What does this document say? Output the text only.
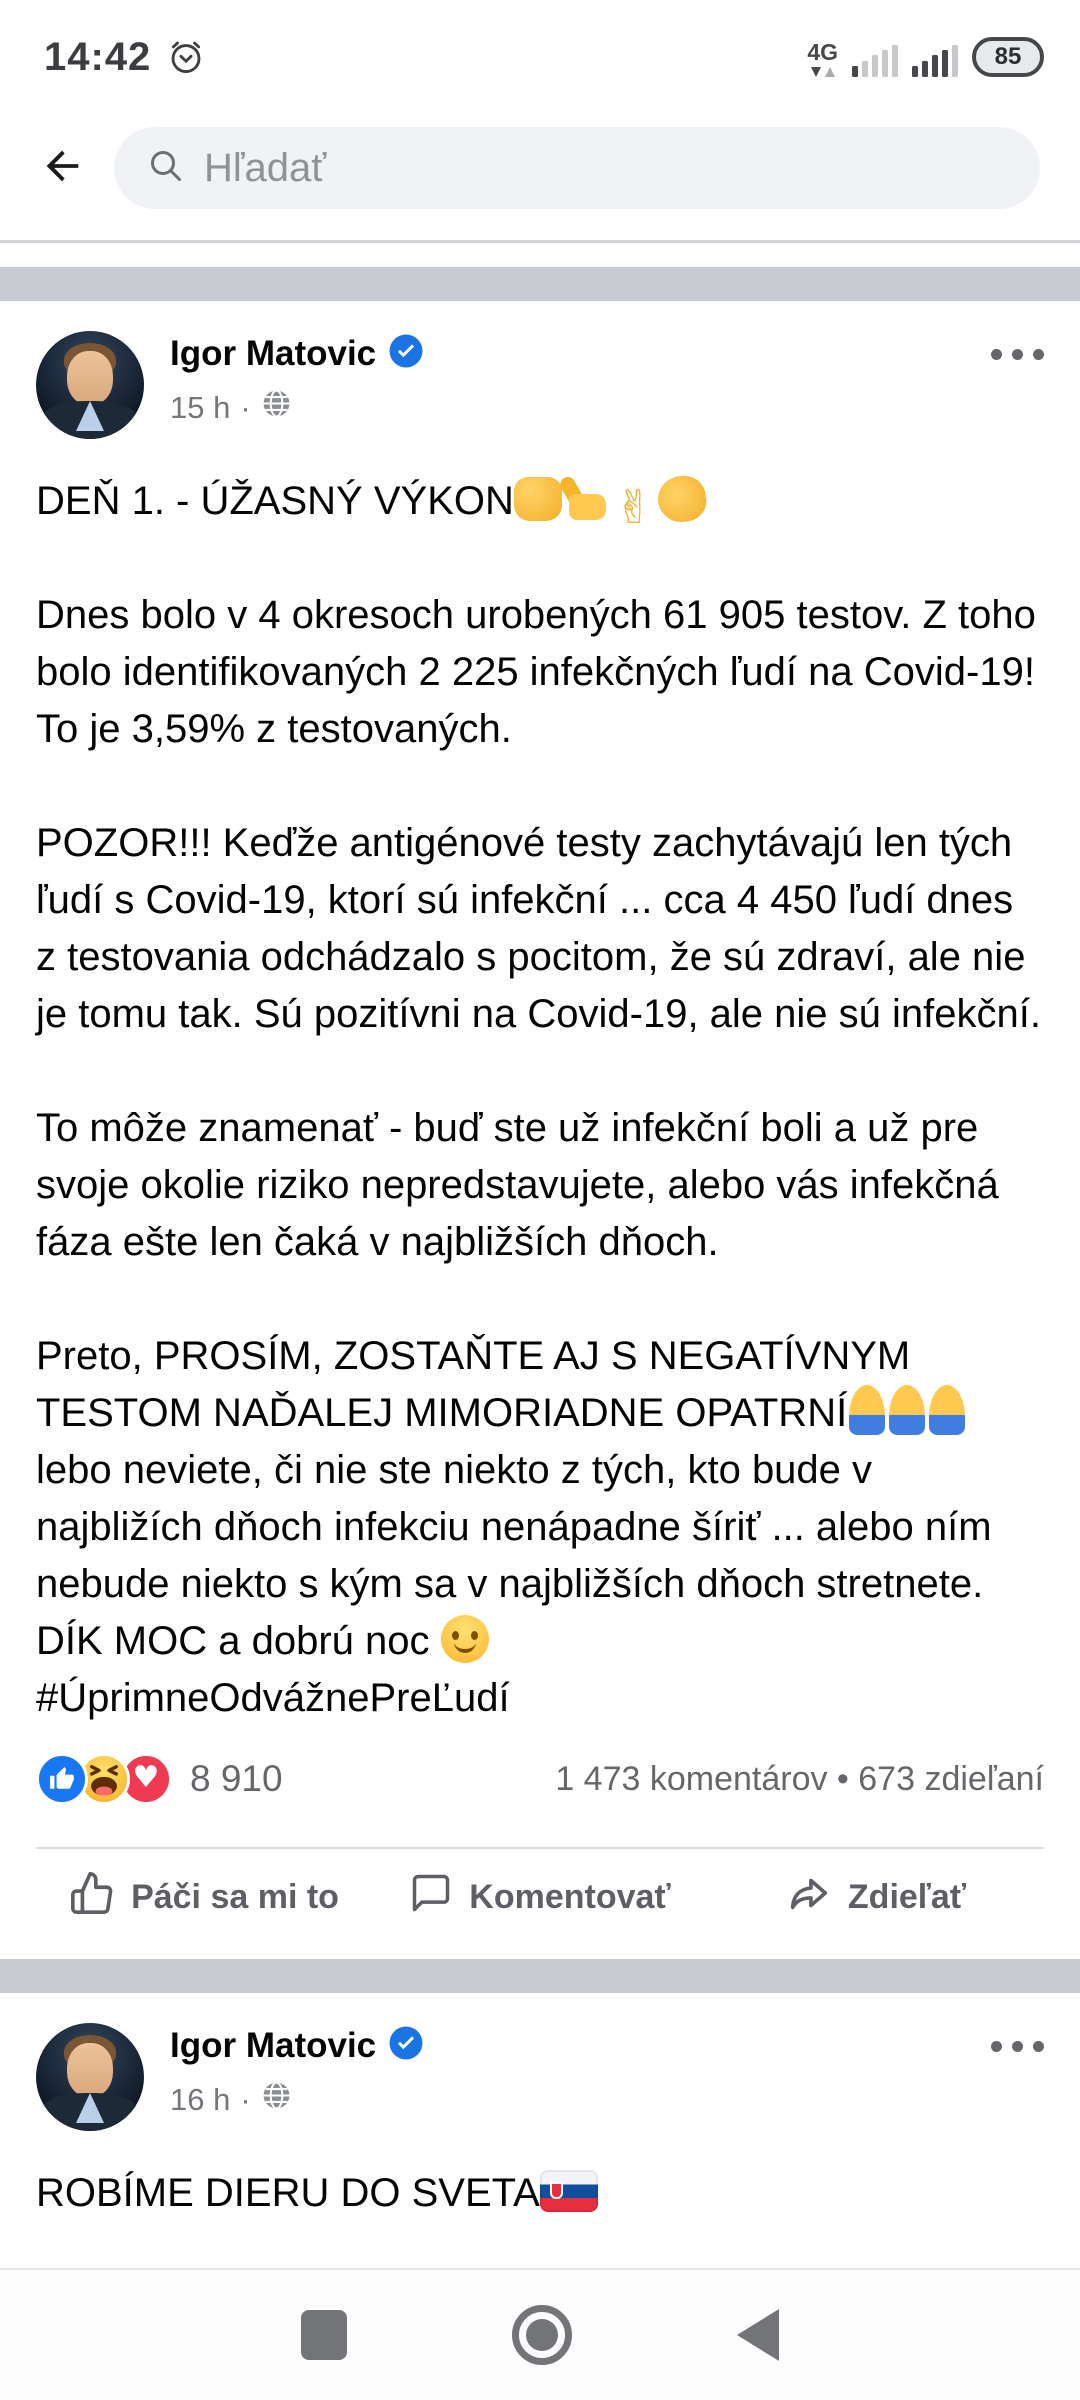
14:42	4G	85
Hľadať
Igor Matovic
15 h ·
DEŇ 1. - ÚŽASNÝ VÝKON✌
Dnes bolo v 4 okresoch urobených 61 905 testov. Z toho bolo identifikovaných 2 225 infekčných ľudí na Covid-19! To je 3,59% z testovaných.
POZOR!!! Keďže antigénové testy zachytávajú len tých ľudí s Covid-19, ktorí sú infekční ... cca 4 450 ľudí dnes z testovania odchádzalo s pocitom, že sú zdraví, ale nie je tomu tak. Sú pozitívni na Covid-19, ale nie sú infekční.
To môže znamenať - buď ste už infekční boli a už pre svoje okolie riziko nepredstavujete, alebo vás infekčná fáza ešte len čaká v najbližších dňoch.
Preto, PROSÍM, ZOSTAŇTE AJ S NEGATÍVNYM TESTOM NAĎALEJ MIMORIADNE OPATRNÍ lebo neviete, či nie ste niekto z tých, kto bude v najbližích dňoch infekciu nenápadne šíriť ... alebo ním nebude niekto s kým sa v najbližších dňoch stretnete. DÍK MOC a dobrú noc
#ÚprimneOdvážnePreĽudí
♥
8 910	1 473 komentárov • 673 zdieľaní
Páči sa mi to	Komentovať	Zdieľať
Igor Matovic
16 h ·
ROBÍME DIERU DO SVETA
